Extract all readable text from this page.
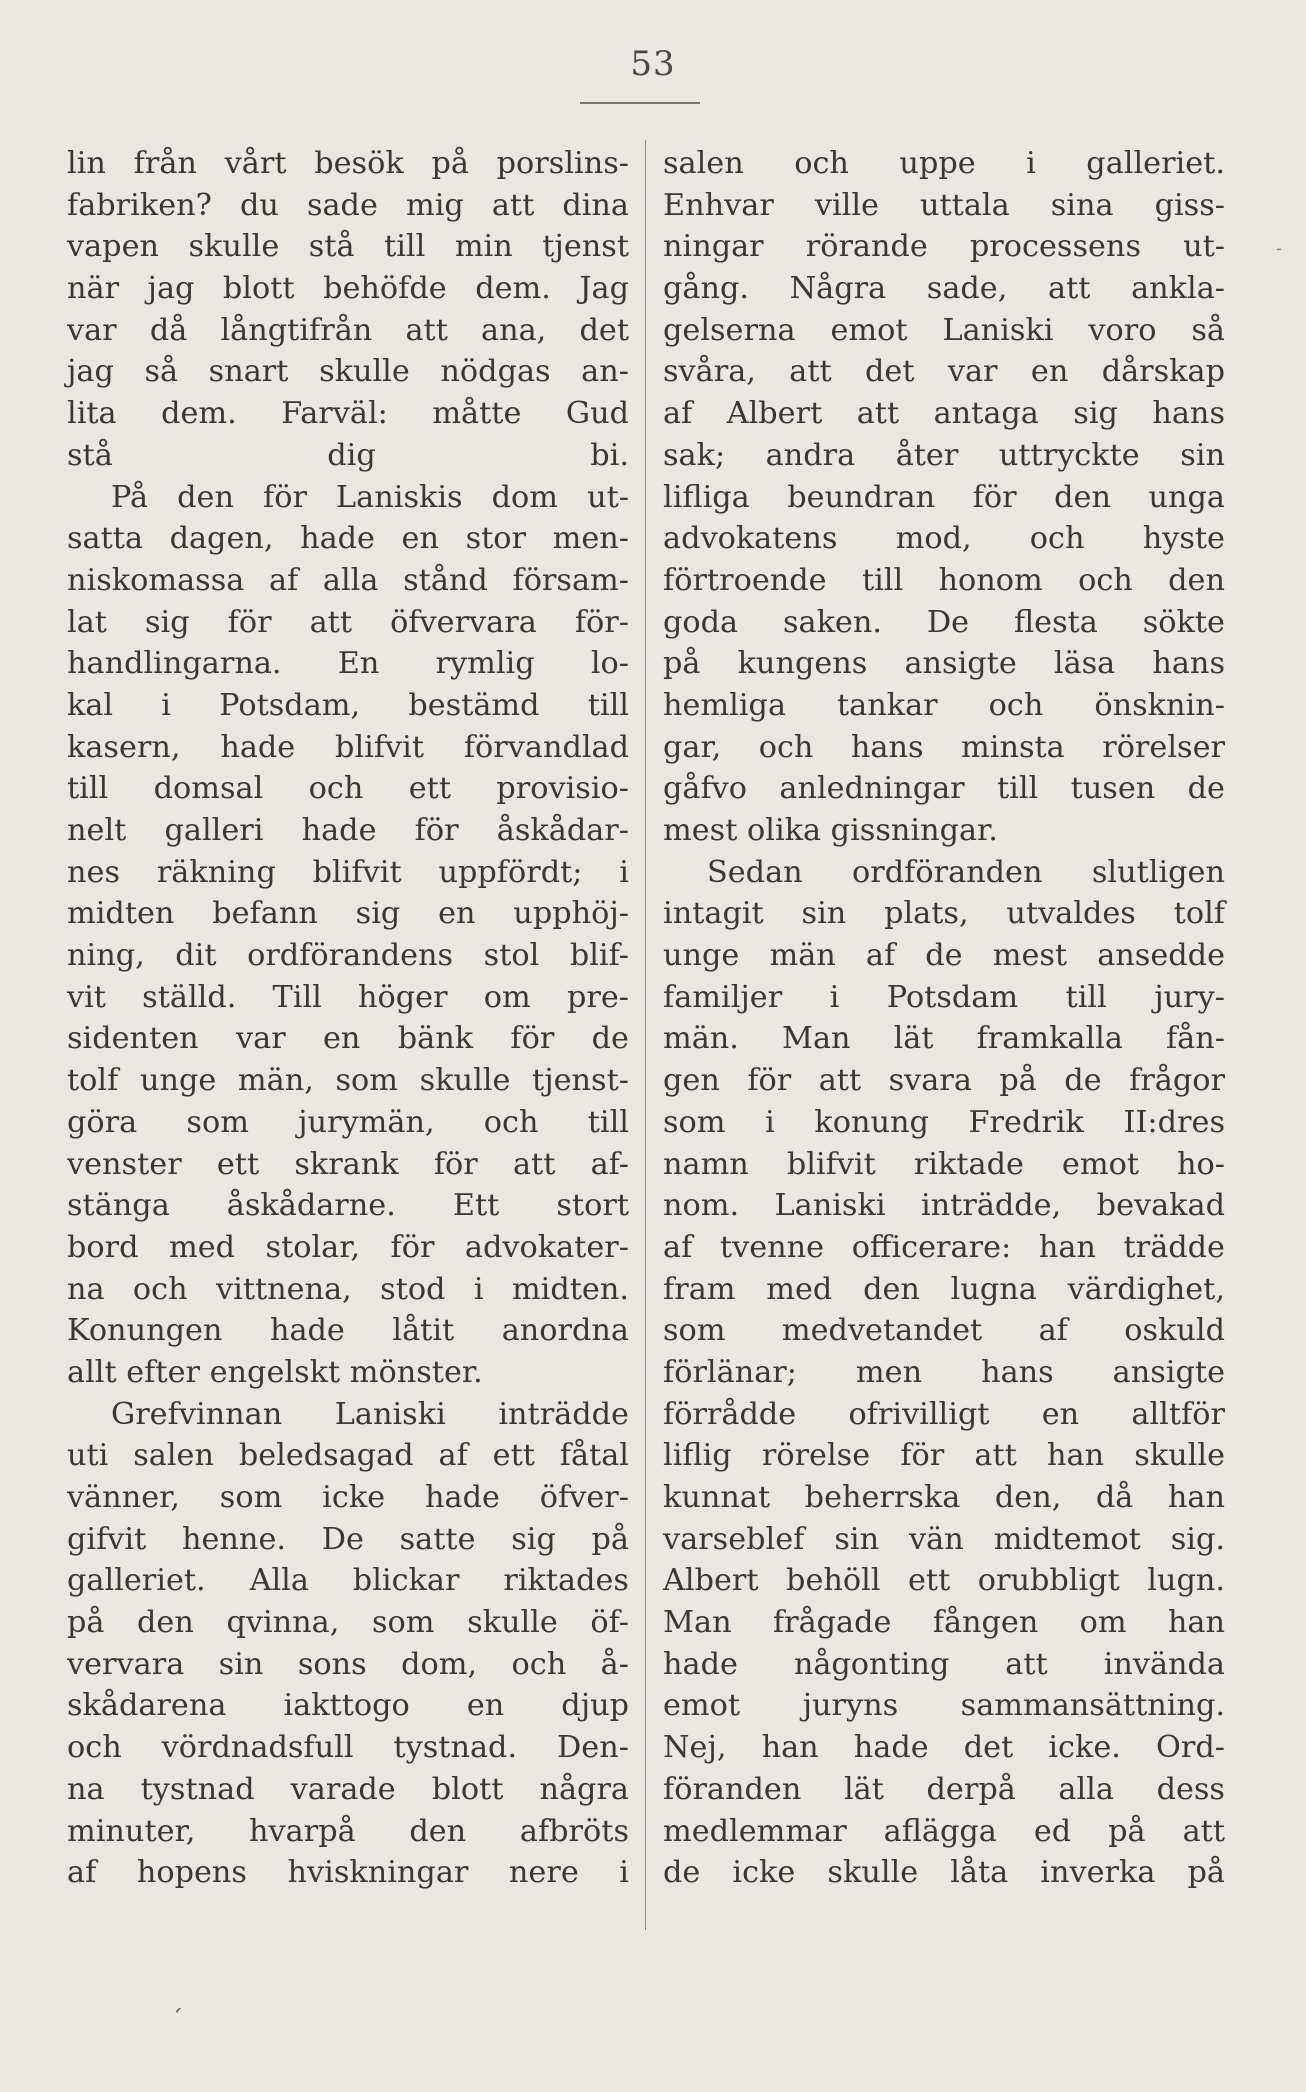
53
lin från vårt besök på porslins-
fabriken? du sade mig att dina
vapen skulle stå till min tjenst
när jag blott behöfde dem. Jag
var då långtifrån att ana, det
jag så snart skulle nödgas an-
lita dem. Farväl: måtte Gud
stå dig bi.
På den för Laniskis dom ut-
satta dagen, hade en stor men-
niskomassa af alla stånd försam-
lat sig för att öfvervara för-
handlingarna. En rymlig lo-
kal i Potsdam, bestämd till
kasern, hade blifvit förvandlad
till domsal och ett provisio-
nelt galleri hade för åskådar-
nes räkning blifvit uppfördt; i
midten befann sig en upphöj-
ning, dit ordförandens stol blif-
vit ställd. Till höger om pre-
sidenten var en bänk för de
tolf unge män, som skulle tjenst-
göra som jurymän, och till
venster ett skrank för att af-
stänga åskådarne. Ett stort
bord med stolar, för advokater-
na och vittnena, stod i midten.
Konungen hade låtit anordna
allt efter engelskt mönster.
Grefvinnan Laniski inträdde
uti salen beledsagad af ett fåtal
vänner, som icke hade öfver-
gifvit henne. De satte sig på
galleriet. Alla blickar riktades
på den qvinna, som skulle öf-
vervara sin sons dom, och å-
skådarena iakttogo en djup
och vördnadsfull tystnad. Den-
na tystnad varade blott några
minuter, hvarpå den afbröts
af hopens hviskningar nere i
salen och uppe i galleriet.
Enhvar ville uttala sina giss-
ningar rörande processens ut-
gång. Några sade, att ankla-
gelserna emot Laniski voro så
svåra, att det var en dårskap
af Albert att antaga sig hans
sak; andra åter uttryckte sin
lifliga beundran för den unga
advokatens mod, och hyste
förtroende till honom och den
goda saken. De flesta sökte
på kungens ansigte läsa hans
hemliga tankar och önsknin-
gar, och hans minsta rörelser
gåfvo anledningar till tusen de
mest olika gissningar.
Sedan ordföranden slutligen
intagit sin plats, utvaldes tolf
unge män af de mest ansedde
familjer i Potsdam till jury-
män. Man lät framkalla fån-
gen för att svara på de frågor
som i konung Fredrik II:dres
namn blifvit riktade emot ho-
nom. Laniski inträdde, bevakad
af tvenne officerare: han trädde
fram med den lugna värdighet,
som medvetandet af oskuld
förlänar; men hans ansigte
förrådde ofrivilligt en alltför
liflig rörelse för att han skulle
kunnat beherrska den, då han
varseblef sin vän midtemot sig.
Albert behöll ett orubbligt lugn.
Man frågade fången om han
hade någonting att invända
emot juryns sammansättning.
Nej, han hade det icke. Ord-
föranden lät derpå alla dess
medlemmar aflägga ed på att
de icke skulle låta inverka på
-
ʻ
